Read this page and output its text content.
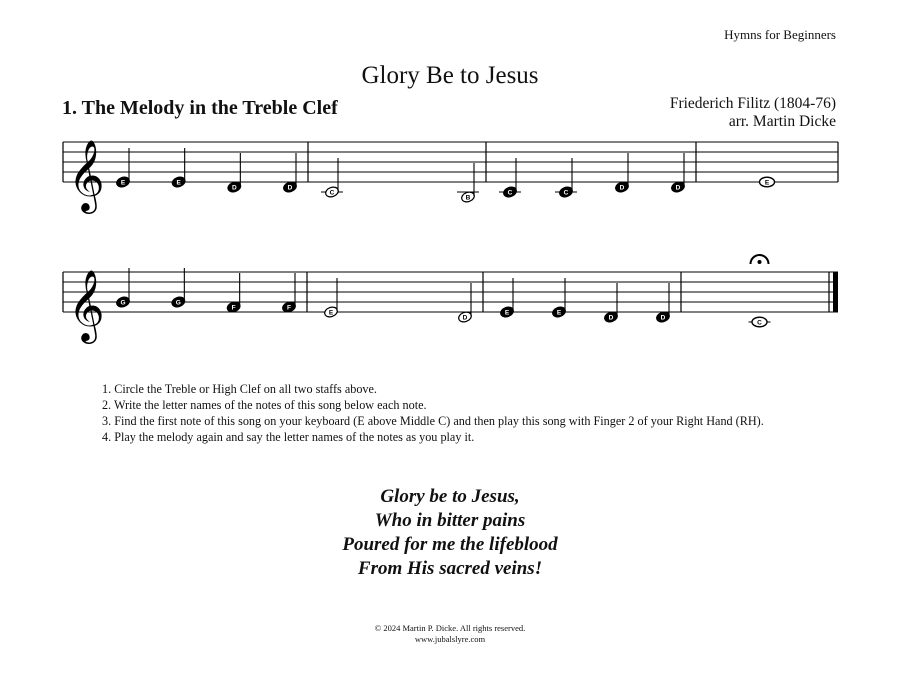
Hymns for Beginners
Glory Be to Jesus
1. The Melody in the Treble Clef	Friederich Filitz (1804-76)
arr. Martin Dicke
𝄞 E	E
D	D
C
B
C	C
D	D
E
𝄞 G	G
F	F
E
D
E	E
D	D
C
1. Circle the Treble or High Clef on all two staffs above.
2. Write the letter names of the notes of this song below each note.
3. Find the first note of this song on your keyboard (E above Middle C) and then play this song with Finger 2 of your Right Hand (RH).
4. Play the melody again and say the letter names of the notes as you play it.
Glory be to Jesus,
Who in bitter pains
Poured for me the lifeblood
From His sacred veins!
© 2024 Martin P. Dicke. All rights reserved.
www.jubalslyre.com
